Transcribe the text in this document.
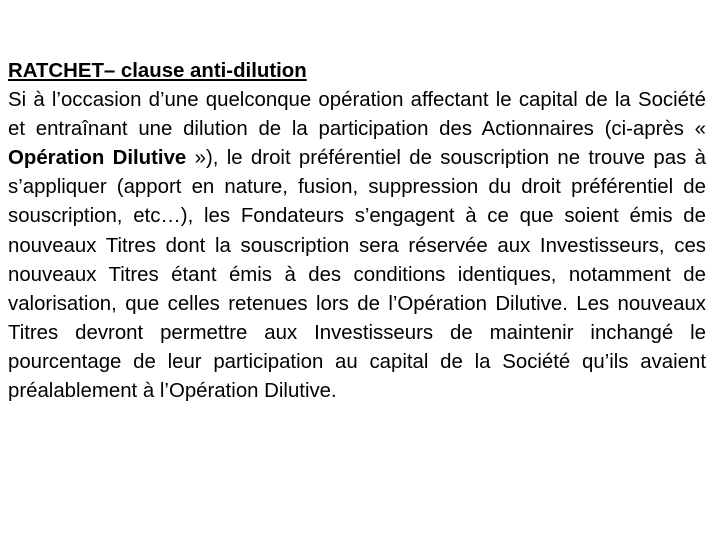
RATCHET– clause anti-dilution

Si à l’occasion d’une quelconque opération affectant le capital de la Société et entraînant une dilution de la participation des Actionnaires (ci-après « Opération Dilutive »), le droit préférentiel de souscription ne trouve pas à s’appliquer (apport en nature, fusion, suppression du droit préférentiel de souscription, etc…), les Fondateurs s’engagent à ce que soient émis de nouveaux Titres dont la souscription sera réservée aux Investisseurs, ces nouveaux Titres étant émis à des conditions identiques, notamment de valorisation, que celles retenues lors de l’Opération Dilutive. Les nouveaux Titres devront permettre aux Investisseurs de maintenir inchangé le pourcentage de leur participation au capital de la Société qu’ils avaient préalablement à l’Opération Dilutive.
